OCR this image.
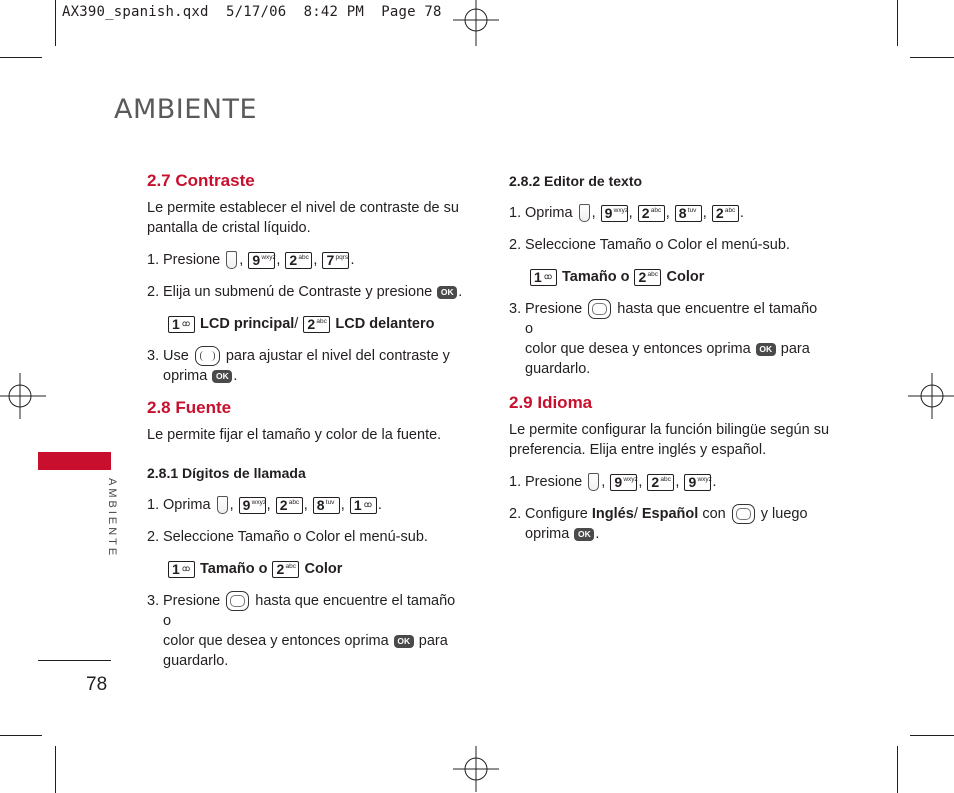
AX390_spanish.qxd  5/17/06  8:42 PM  Page 78
AMBIENTE
AMBIENTE
78

2.7 Contraste

Le permite establecer el nivel de contraste de su pantalla de cristal líquido.

1. Presione , 9 wxyz , 2 abc , 7 pqrs .
2. Elija un submenú de Contraste y presione OK .
1 ꝏ LCD principal/ 2 abc LCD delantero
3. Use	para ajustar el nivel del contraste y
oprima OK .

2.8 Fuente

Le permite fijar el tamaño y color de la fuente.

2.8.1 Dígitos de llamada

1. Oprima , 9 wxyz , 2 abc , 8 tuv , 1 ꝏ .
2. Seleccione Tamaño o Color el menú-sub.
1 ꝏ Tamaño o 2 abc Color
3. Presione hasta que encuentre el tamaño o
color que desea y entonces oprima OK para
guardarlo.

2.8.2 Editor de texto

1. Oprima , 9 wxyz , 2 abc , 8 tuv , 2 abc .
2. Seleccione Tamaño o Color el menú-sub.
1 ꝏ Tamaño o 2 abc Color
3. Presione hasta que encuentre el tamaño o
color que desea y entonces oprima OK para
guardarlo.

2.9 Idioma

Le permite configurar la función bilingüe según su preferencia. Elija entre inglés y español.

1. Presione , 9 wxyz , 2 abc , 9 wxyz .
2. Configure Inglés/ Español con y luego
oprima OK .
